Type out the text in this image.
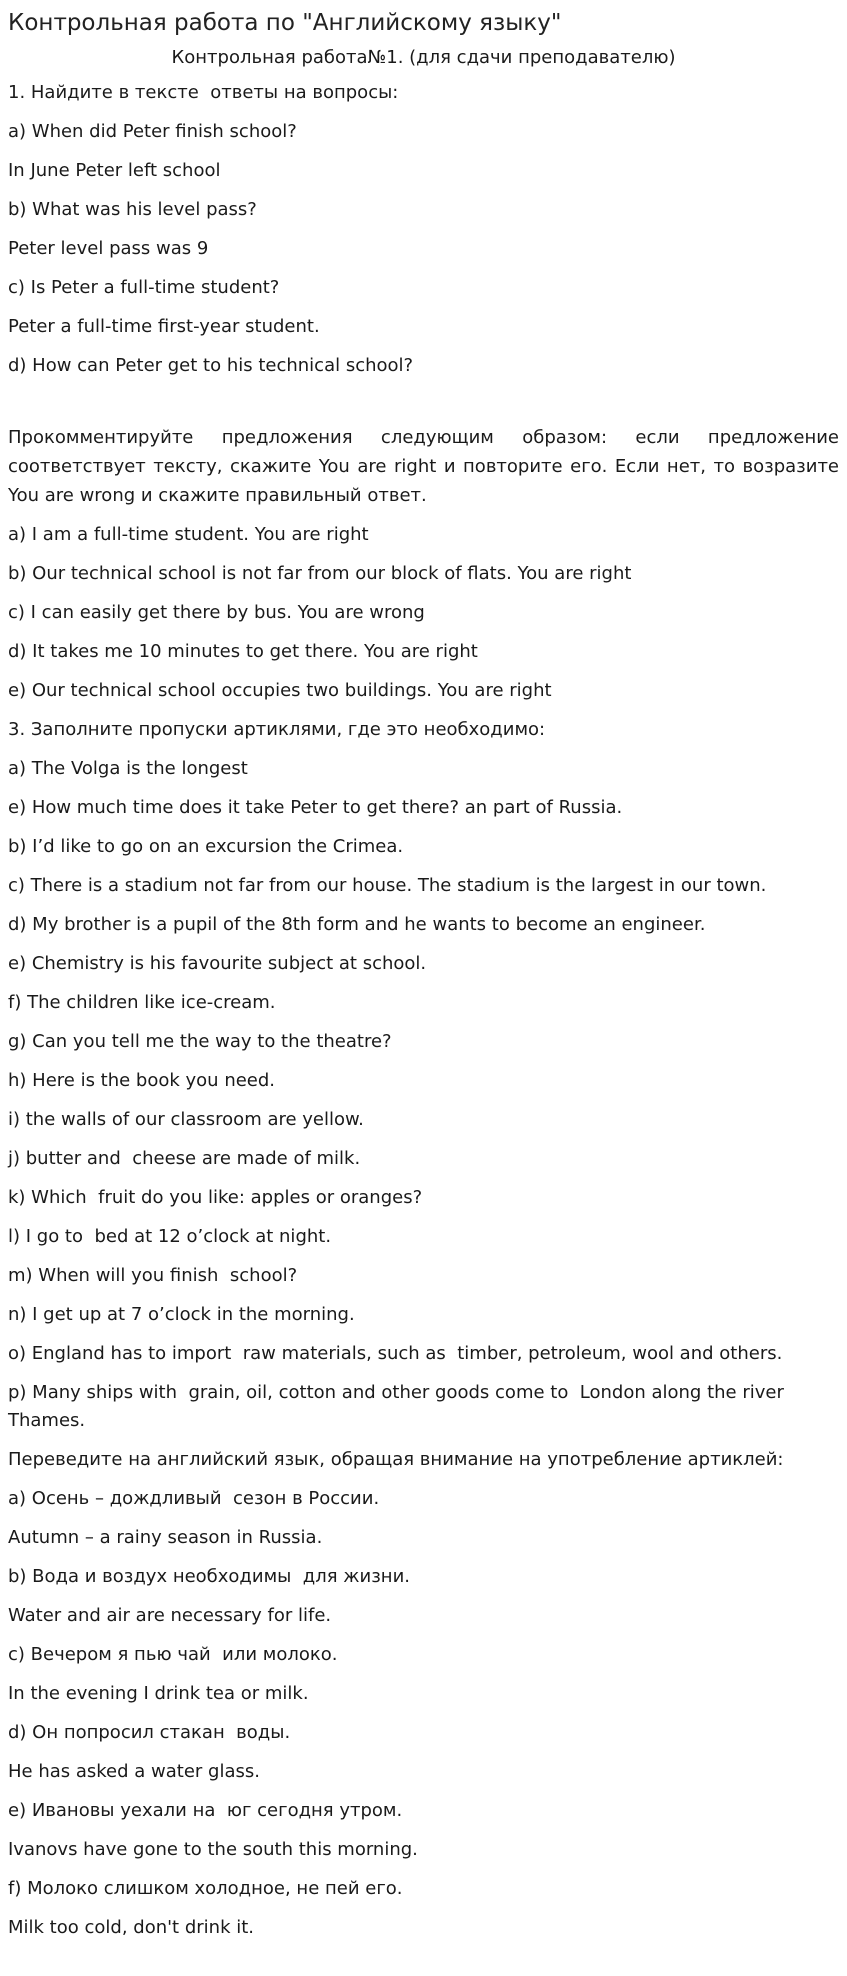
Контрольная работа по "Английскому языку"
Контрольная работа№1. (для сдачи преподавателю)
1. Найдите в тексте  ответы на вопросы:
a) When did Peter finish school?
In June Peter left school
b) What was his level pass?
Peter level pass was 9
c) Is Peter a full-time student?
Peter a full-time first-year student.
d) How can Peter get to his technical school?
Прокомментируйте предложения следующим образом: если предложение соответствует тексту, скажите You are right и повторите его. Если нет, то возразите You are wrong и скажите правильный ответ.
a) I am a full-time student. You are right
b) Our technical school is not far from our block of flats. You are right
c) I can easily get there by bus. You are wrong
d) It takes me 10 minutes to get there. You are right
e) Our technical school occupies two buildings. You are right
3. Заполните пропуски артиклями, где это необходимо:
a) The Volga is the longest
e) How much time does it take Peter to get there? an part of Russia.
b) I’d like to go on an excursion the Crimea.
c) There is a stadium not far from our house. The stadium is the largest in our town.
d) My brother is a pupil of the 8th form and he wants to become an engineer.
e) Chemistry is his favourite subject at school.
f) The children like ice-cream.
g) Can you tell me the way to the theatre?
h) Here is the book you need.
i) the walls of our classroom are yellow.
j) butter and  cheese are made of milk.
k) Which  fruit do you like: apples or oranges?
l) I go to  bed at 12 o’clock at night.
m) When will you finish  school?
n) I get up at 7 o’clock in the morning.
o) England has to import  raw materials, such as  timber, petroleum, wool and others.
p) Many ships with  grain, oil, cotton and other goods come to  London along the river Thames.
Переведите на английский язык, обращая внимание на употребление артиклей:
a) Осень – дождливый  сезон в России.
Autumn – a rainy season in Russia.
b) Вода и воздух необходимы  для жизни.
Water and air are necessary for life.
c) Вечером я пью чай  или молоко.
In the evening I drink tea or milk.
d) Он попросил стакан  воды.
He has asked a water glass.
e) Ивановы уехали на  юг сегодня утром.
Ivanovs have gone to the south this morning.
f) Молоко слишком холодное, не пей его.
Milk too cold, don't drink it.
